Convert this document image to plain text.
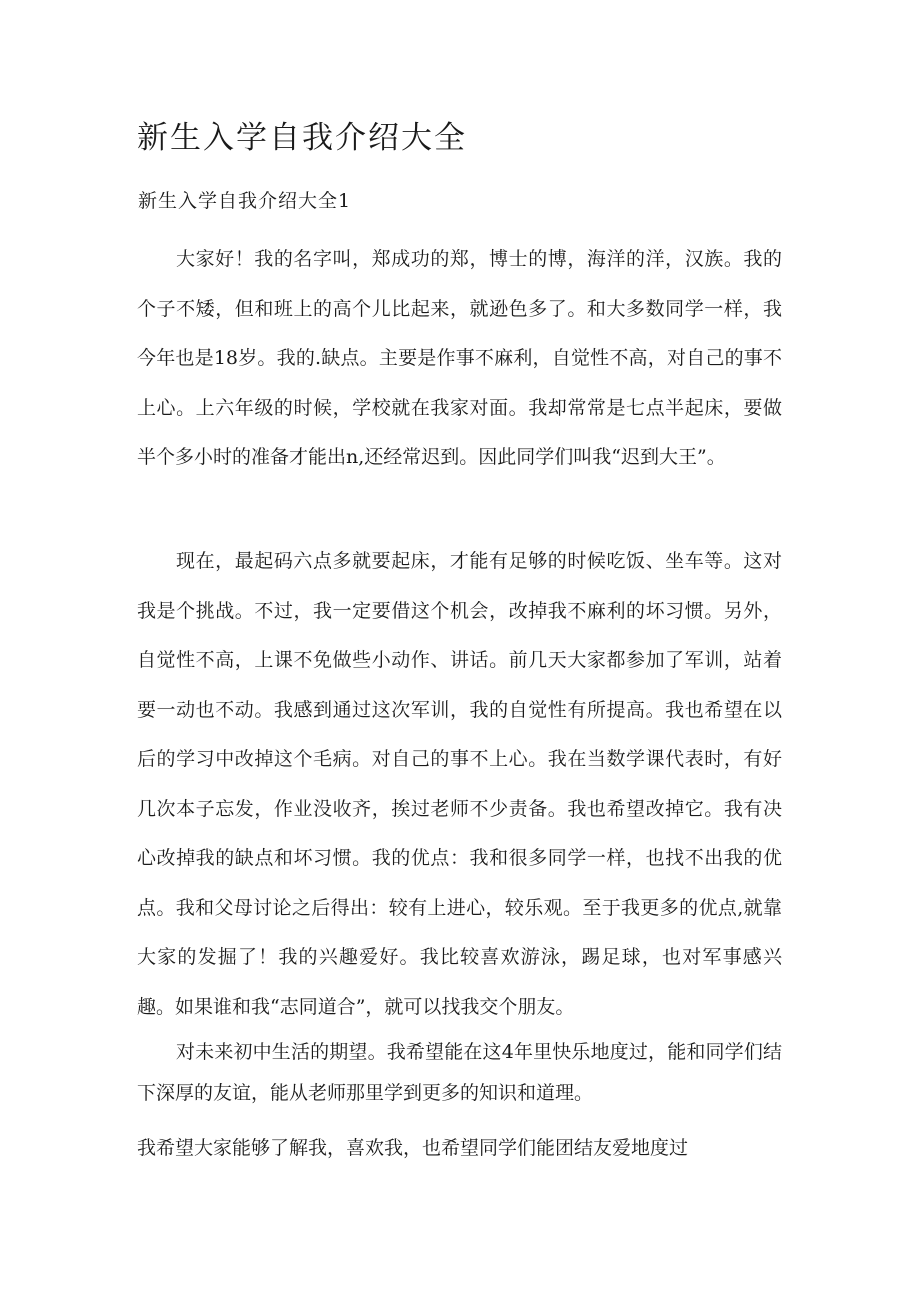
新生入学自我介绍大全
新生入学自我介绍大全1

大家好！我的名字叫，郑成功的郑，博士的博，海洋的洋，汉族。我的个子不矮，但和班上的高个儿比起来，就逊色多了。和大多数同学一样，我今年也是18岁。我的.缺点。主要是作事不麻利，自觉性不高，对自己的事不上心。上六年级的时候，学校就在我家对面。我却常常是七点半起床，要做半个多小时的准备才能出n,还经常迟到。因此同学们叫我“迟到大王”。

现在，最起码六点多就要起床，才能有足够的时候吃饭、坐车等。这对我是个挑战。不过，我一定要借这个机会，改掉我不麻利的坏习惯。另外，自觉性不高，上课不免做些小动作、讲话。前几天大家都参加了军训，站着要一动也不动。我感到通过这次军训，我的自觉性有所提高。我也希望在以后的学习中改掉这个毛病。对自己的事不上心。我在当数学课代表时，有好几次本子忘发，作业没收齐，挨过老师不少责备。我也希望改掉它。我有决心改掉我的缺点和坏习惯。我的优点：我和很多同学一样，也找不出我的优点。我和父母讨论之后得出：较有上进心，较乐观。至于我更多的优点,就靠大家的发掘了！我的兴趣爱好。我比较喜欢游泳，踢足球，也对军事感兴趣。如果谁和我“志同道合”，就可以找我交个朋友。

对未来初中生活的期望。我希望能在这4年里快乐地度过，能和同学们结下深厚的友谊，能从老师那里学到更多的知识和道理。

我希望大家能够了解我，喜欢我，也希望同学们能团结友爱地度过
